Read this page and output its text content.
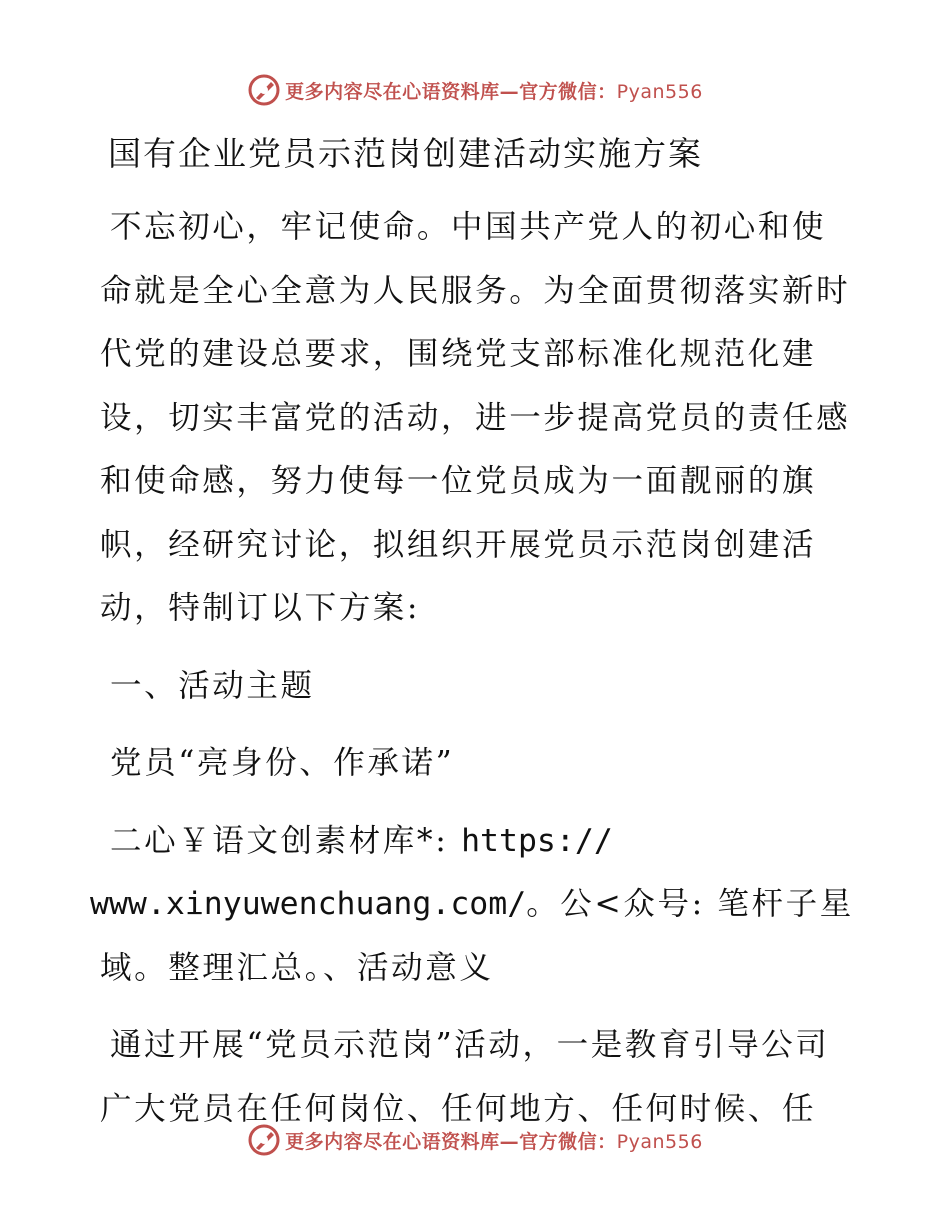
更多内容尽在心语资料库—官方微信：Pyan556
国有企业党员示范岗创建活动实施方案
不忘初心，牢记使命。中国共产党人的初心和使命就是全心全意为人民服务。为全面贯彻落实新时代党的建设总要求，围绕党支部标准化规范化建设，切实丰富党的活动，进一步提高党员的责任感和使命感，努力使每一位党员成为一面靓丽的旗帜，经研究讨论，拟组织开展党员示范岗创建活动，特制订以下方案:
一、活动主题
党员“亮身份、作承诺”
二心￥语文创素材库*: https://
www.xinyuwenchuang.com/。公<众号: 笔杆子星域。整理汇总。、活动意义
通过开展“党员示范岗”活动，一是教育引导公司广大党员在任何岗位、任何地方、任何时候、任
更多内容尽在心语资料库—官方微信：Pyan556
